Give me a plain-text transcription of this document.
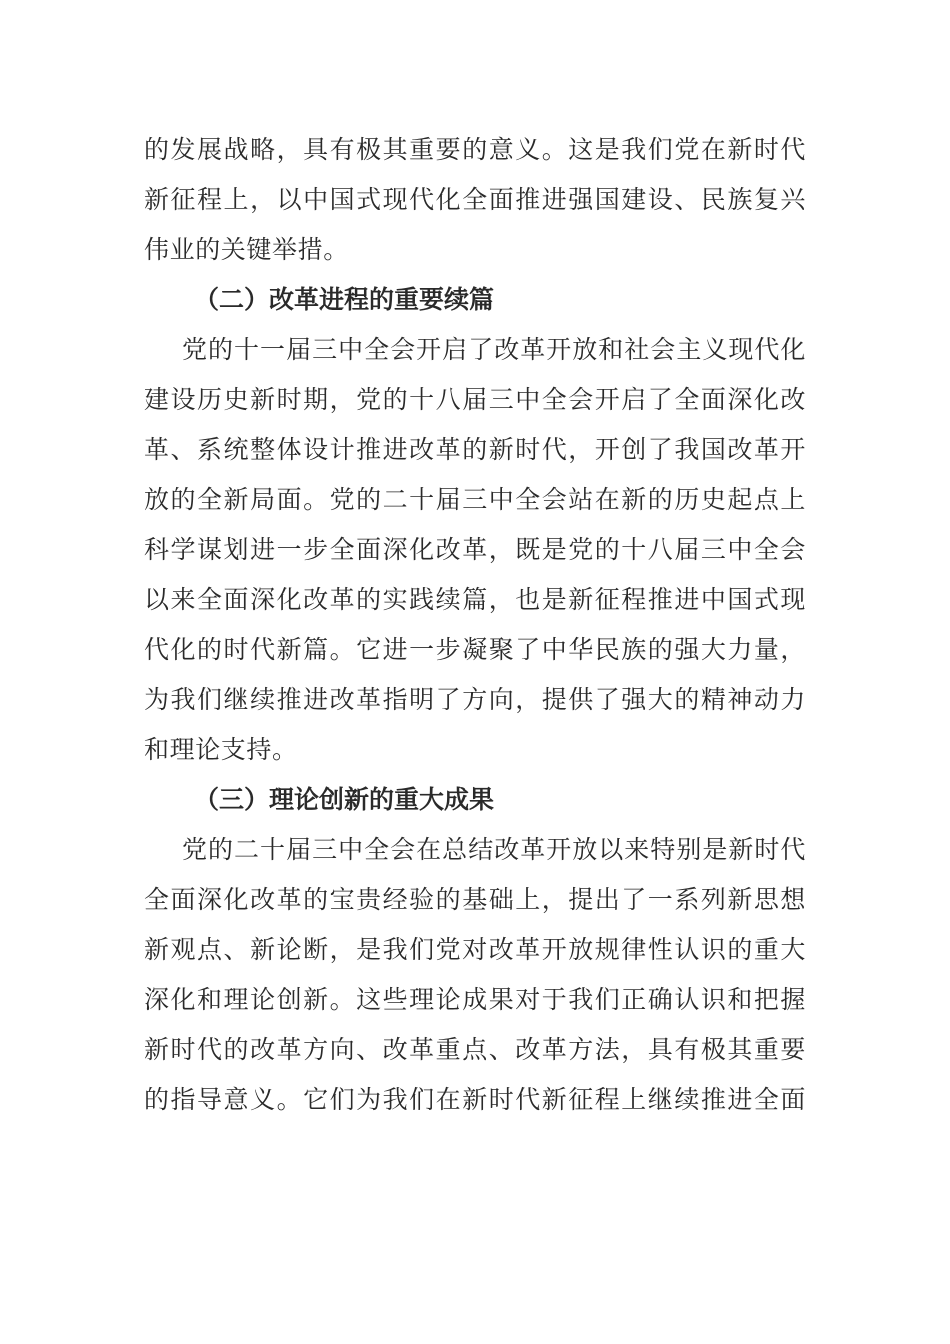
的发展战略，具有极其重要的意义。这是我们党在新时代
新征程上，以中国式现代化全面推进强国建设、民族复兴
伟业的关键举措。
（二）改革进程的重要续篇
党的十一届三中全会开启了改革开放和社会主义现代化
建设历史新时期，党的十八届三中全会开启了全面深化改
革、系统整体设计推进改革的新时代，开创了我国改革开
放的全新局面。党的二十届三中全会站在新的历史起点上
科学谋划进一步全面深化改革，既是党的十八届三中全会
以来全面深化改革的实践续篇，也是新征程推进中国式现
代化的时代新篇。它进一步凝聚了中华民族的强大力量，
为我们继续推进改革指明了方向，提供了强大的精神动力
和理论支持。
（三）理论创新的重大成果
党的二十届三中全会在总结改革开放以来特别是新时代
全面深化改革的宝贵经验的基础上，提出了一系列新思想
新观点、新论断，是我们党对改革开放规律性认识的重大
深化和理论创新。这些理论成果对于我们正确认识和把握
新时代的改革方向、改革重点、改革方法，具有极其重要
的指导意义。它们为我们在新时代新征程上继续推进全面
